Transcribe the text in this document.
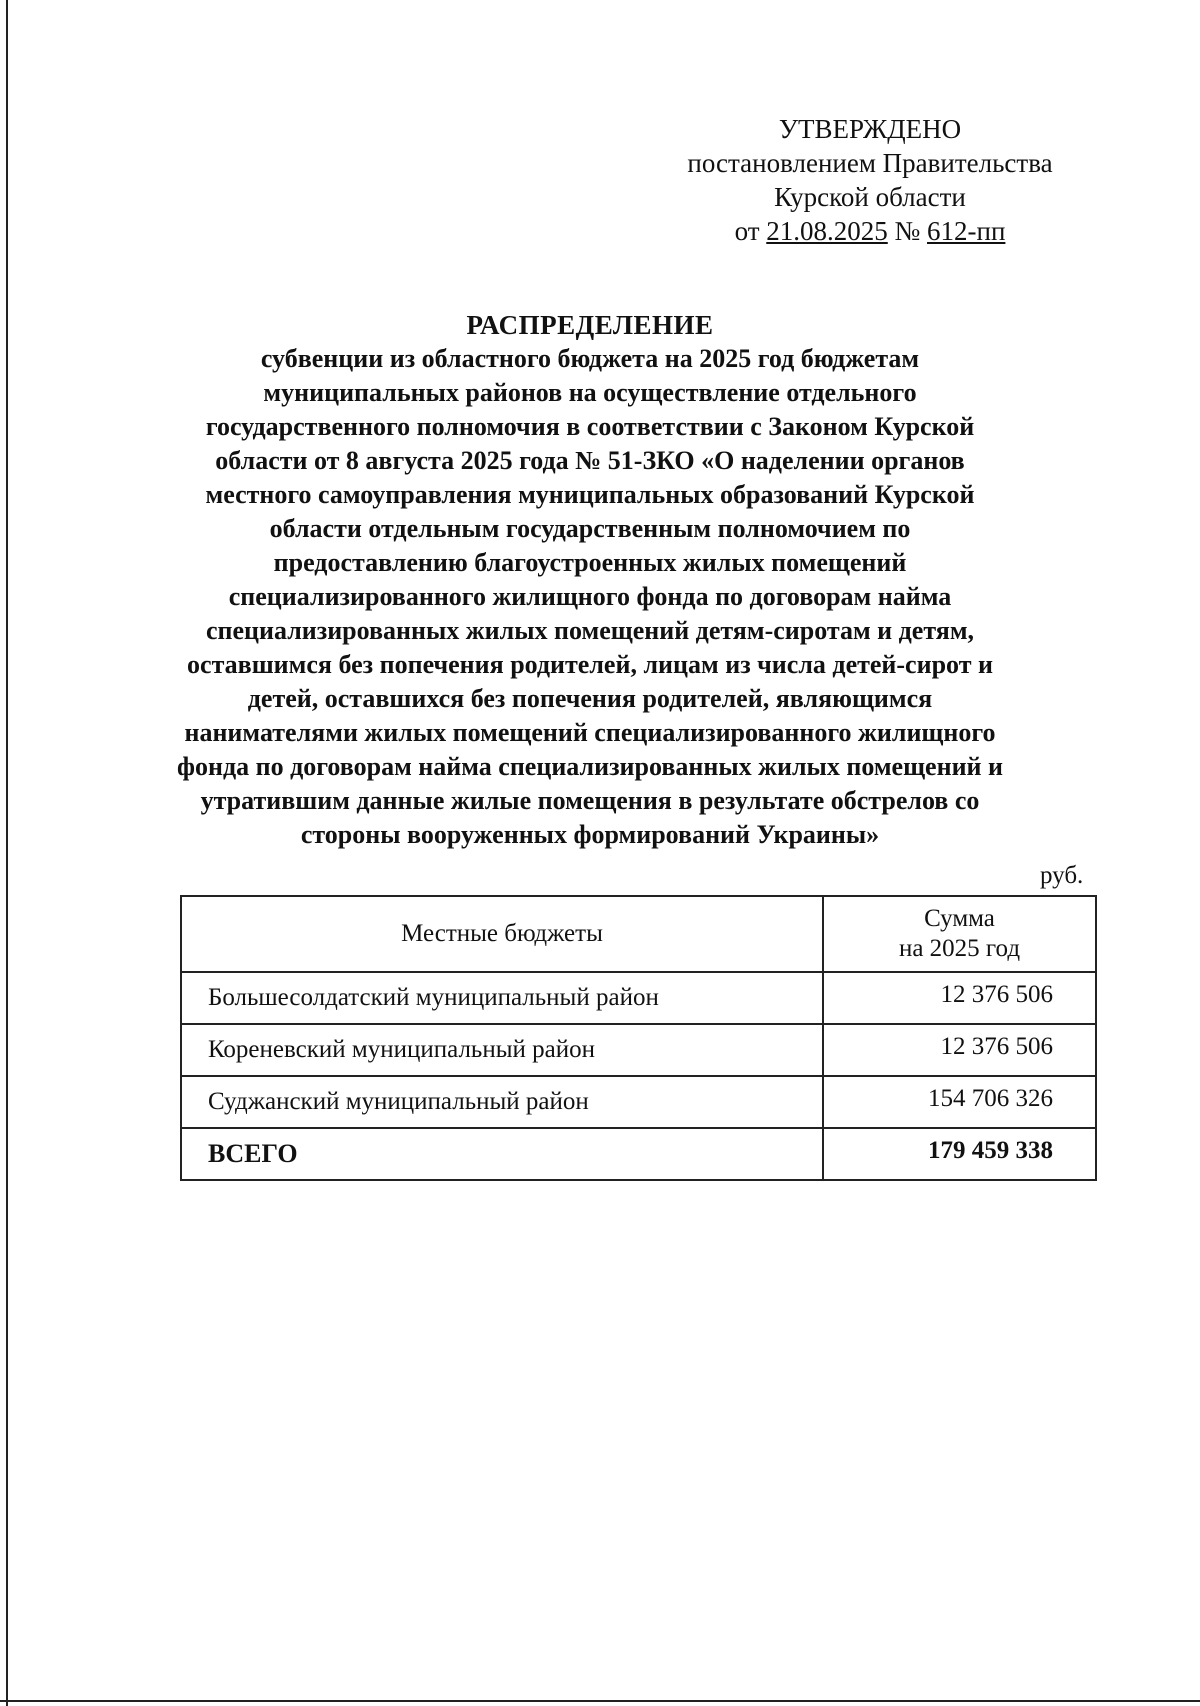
УТВЕРЖДЕНО
постановлением Правительства
Курской области
от 21.08.2025 № 612-пп
РАСПРЕДЕЛЕНИЕ
субвенции из областного бюджета на 2025 год бюджетам
муниципальных районов на осуществление отдельного
государственного полномочия в соответствии с Законом Курской
области от 8 августа 2025 года № 51-ЗКО «О наделении органов
местного самоуправления муниципальных образований Курской
области отдельным государственным полномочием по
предоставлению благоустроенных жилых помещений
специализированного жилищного фонда по договорам найма
специализированных жилых помещений детям-сиротам и детям,
оставшимся без попечения родителей, лицам из числа детей-сирот и
детей, оставшихся без попечения родителей, являющимся
нанимателями жилых помещений специализированного жилищного
фонда по договорам найма специализированных жилых помещений и
утратившим данные жилые помещения в результате обстрелов со
стороны вооруженных формирований Украины»
руб.
Местные бюджеты	Сумма
на 2025 год
Большесолдатский муниципальный район	12 376 506
Кореневский муниципальный район	12 376 506
Суджанский муниципальный район	154 706 326
ВСЕГО	179 459 338
